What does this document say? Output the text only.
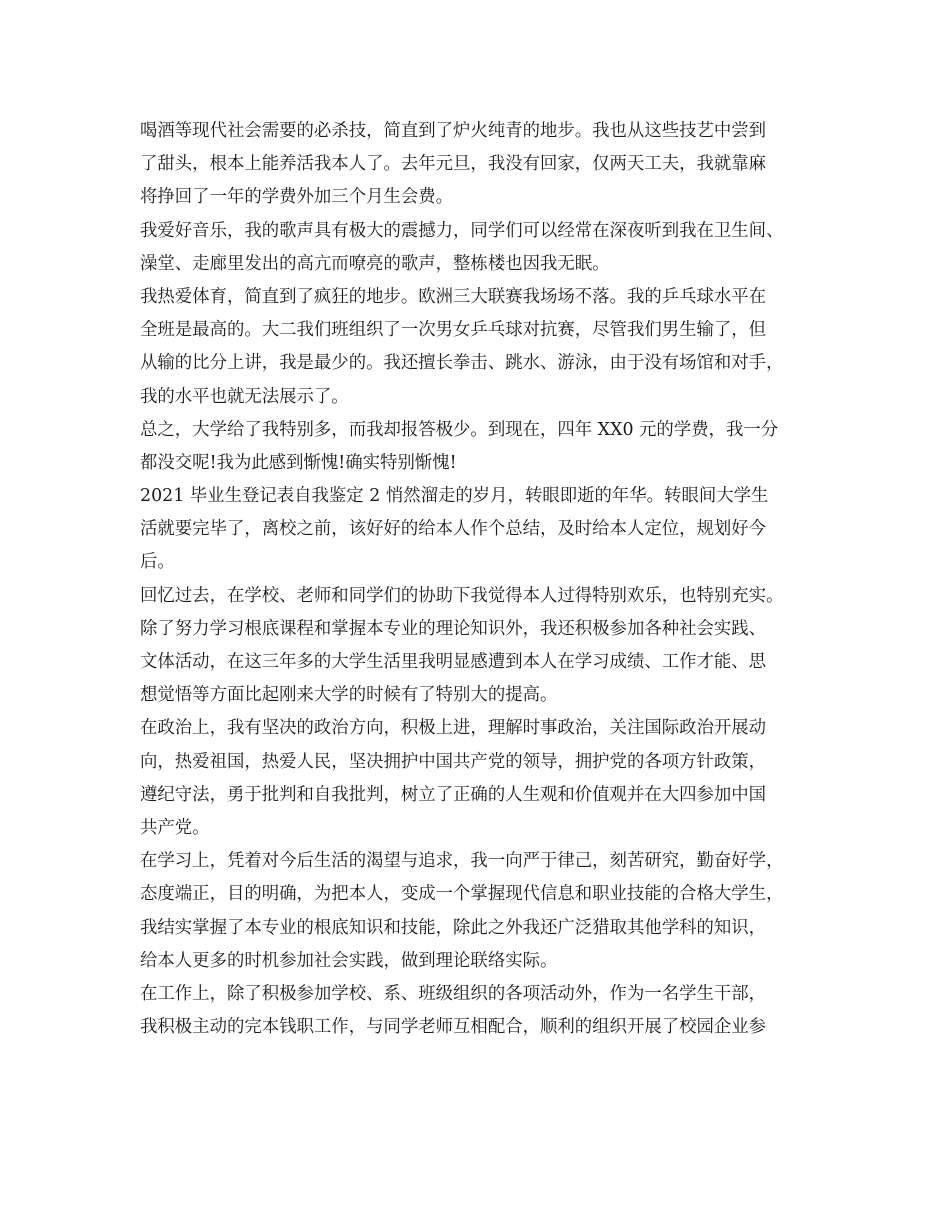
喝酒等现代社会需要的必杀技，简直到了炉火纯青的地步。我也从这些技艺中尝到
了甜头，根本上能养活我本人了。去年元旦，我没有回家，仅两天工夫，我就靠麻
将挣回了一年的学费外加三个月生会费。
我爱好音乐，我的歌声具有极大的震撼力，同学们可以经常在深夜听到我在卫生间、
澡堂、走廊里发出的高亢而嘹亮的歌声，整栋楼也因我无眠。
我热爱体育，简直到了疯狂的地步。欧洲三大联赛我场场不落。我的乒乓球水平在
全班是最高的。大二我们班组织了一次男女乒乓球对抗赛，尽管我们男生输了，但
从输的比分上讲，我是最少的。我还擅长拳击、跳水、游泳，由于没有场馆和对手，
我的水平也就无法展示了。
总之，大学给了我特别多，而我却报答极少。到现在，四年 XX0 元的学费，我一分
都没交呢!我为此感到惭愧!确实特别惭愧!
2021 毕业生登记表自我鉴定 2 悄然溜走的岁月，转眼即逝的年华。转眼间大学生
活就要完毕了，离校之前，该好好的给本人作个总结，及时给本人定位，规划好今
后。
回忆过去，在学校、老师和同学们的协助下我觉得本人过得特别欢乐，也特别充实。
除了努力学习根底课程和掌握本专业的理论知识外，我还积极参加各种社会实践、
文体活动，在这三年多的大学生活里我明显感遭到本人在学习成绩、工作才能、思
想觉悟等方面比起刚来大学的时候有了特别大的提高。
在政治上，我有坚决的政治方向，积极上进，理解时事政治，关注国际政治开展动
向，热爱祖国，热爱人民，坚决拥护中国共产党的领导，拥护党的各项方针政策，
遵纪守法，勇于批判和自我批判，树立了正确的人生观和价值观并在大四参加中国
共产党。
在学习上，凭着对今后生活的渴望与追求，我一向严于律己，刻苦研究，勤奋好学，
态度端正，目的明确，为把本人，变成一个掌握现代信息和职业技能的合格大学生，
我结实掌握了本专业的根底知识和技能，除此之外我还广泛猎取其他学科的知识，
给本人更多的时机参加社会实践，做到理论联络实际。
在工作上，除了积极参加学校、系、班级组织的各项活动外，作为一名学生干部，
我积极主动的完本钱职工作，与同学老师互相配合，顺利的组织开展了校园企业参
